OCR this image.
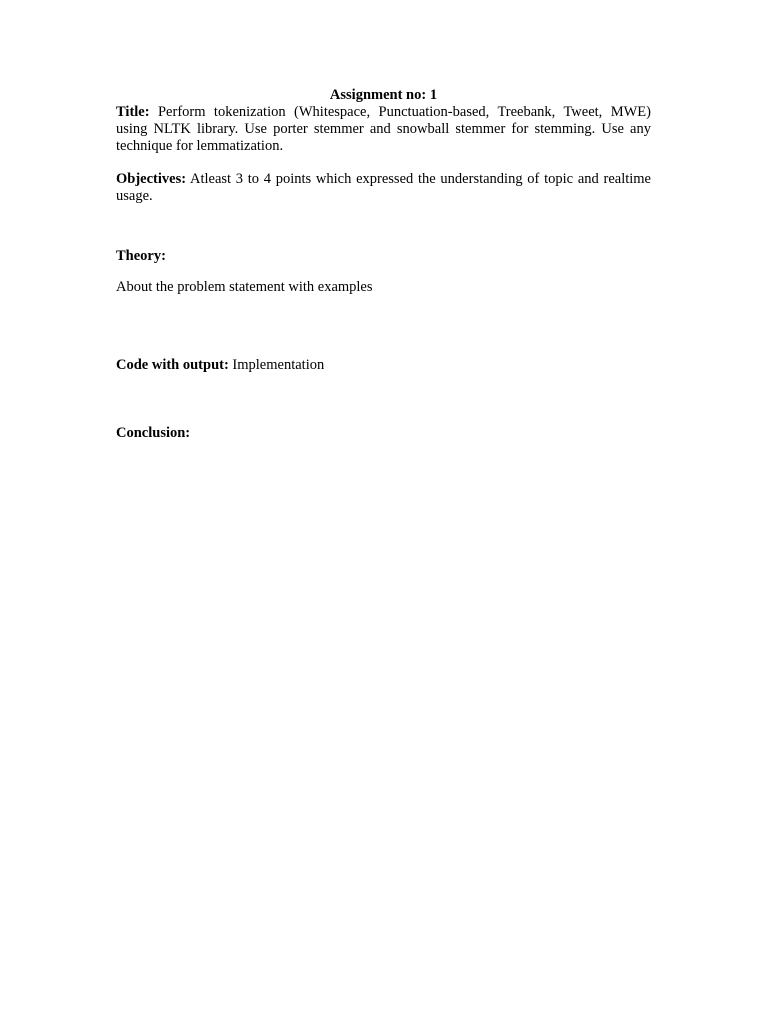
Assignment no: 1

Title: Perform tokenization (Whitespace, Punctuation-based, Treebank, Tweet, MWE) using NLTK library. Use porter stemmer and snowball stemmer for stemming. Use any technique for lemmatization.

Objectives: Atleast 3 to 4 points which expressed the understanding of topic and realtime usage.

Theory:

About the problem statement with examples

Code with output: Implementation

Conclusion:
